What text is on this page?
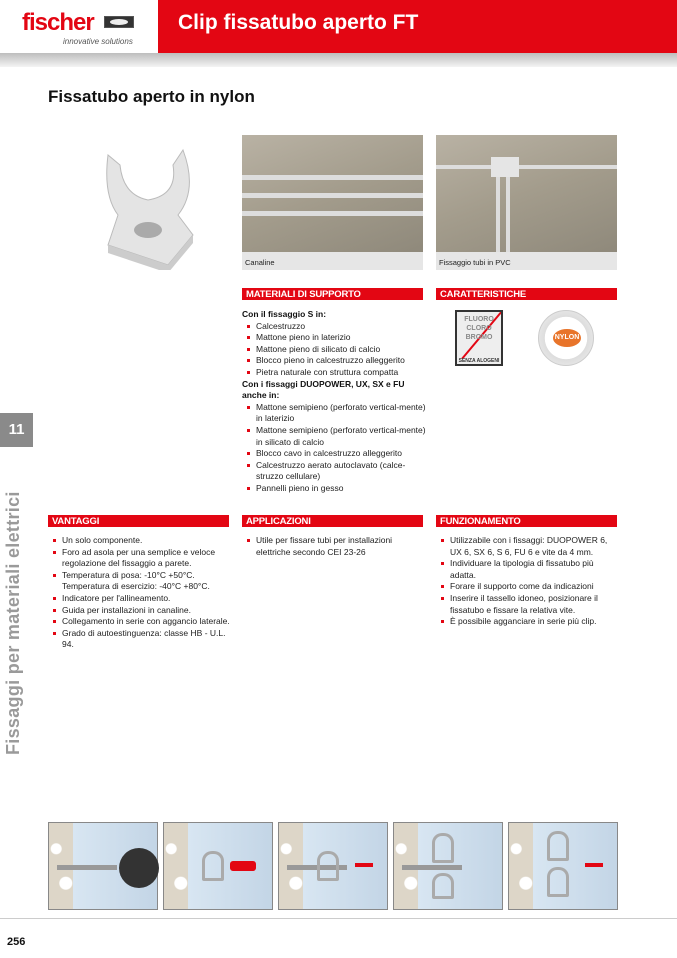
fischer
innovative solutions
Clip fissatubo aperto FT
Fissatubo aperto in nylon
Canaline	Fissaggio tubi in PVC
11
Fissaggi per materiali elettrici
MATERIALI DI SUPPORTO
Con il fissaggio S in:
Calcestruzzo
Mattone pieno in laterizio
Mattone pieno di silicato di calcio
Blocco pieno in calcestruzzo alleggerito
Pietra naturale con struttura compatta
Con i fissaggi DUOPOWER, UX, SX e FU anche in:
Mattone semipieno (perforato vertical-mente) in laterizio
Mattone semipieno (perforato vertical-mente) in silicato di calcio
Blocco cavo in calcestruzzo alleggerito
Calcestruzzo aerato autoclavato (calce-struzzo cellulare)
Pannelli pieno in gesso
CARATTERISTICHE
FLUORO
CLORO
BROMO
SENZA ALOGENI
NYLON
VANTAGGI
Un solo componente.
Foro ad asola per una semplice e veloce regolazione del fissaggio a parete.
Temperatura di posa: -10°C +50°C. Temperatura di esercizio: -40°C +80°C.
Indicatore per l'allineamento.
Guida per installazioni in canaline.
Collegamento in serie con aggancio laterale.
Grado di autoestinguenza: classe HB - U.L. 94.
APPLICAZIONI
Utile per fissare tubi per installazioni elettriche secondo CEI 23-26
FUNZIONAMENTO
Utilizzabile con i fissaggi: DUOPOWER 6, UX 6, SX 6, S 6, FU 6 e vite da 4 mm.
Individuare la tipologia di fissatubo più adatta.
Forare il supporto come da indicazioni
Inserire il tassello idoneo, posizionare il fissatubo e fissare la relativa vite.
È possibile agganciare in serie più clip.
256
